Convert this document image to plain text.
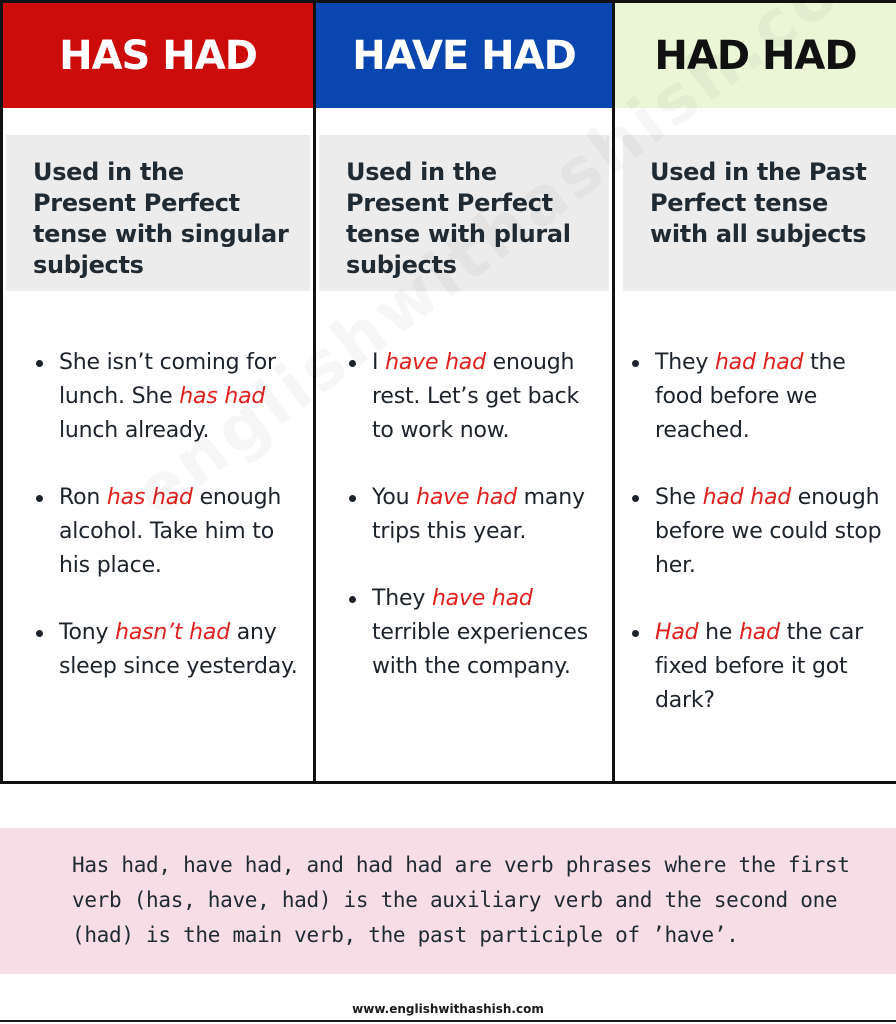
HAS HAD
Used in the Present Perfect tense with singular subjects
She isn’t coming for lunch. She has had lunch already.
Ron has had enough alcohol. Take him to his place.
Tony hasn’t had any sleep since yesterday.
HAVE HAD
Used in the Present Perfect tense with plural subjects
I have had enough rest. Let’s get back to work now.
You have had many trips this year.
They have had terrible experiences with the company.
HAD HAD
Used in the Past Perfect tense with all subjects
They had had the food before we reached.
She had had enough before we could stop her.
Had he had the car fixed before it got dark?
Has had, have had, and had had are verb phrases where the first verb (has, have, had) is the auxiliary verb and the second one (had) is the main verb, the past participle of ’have’.
www.englishwithashish.com
